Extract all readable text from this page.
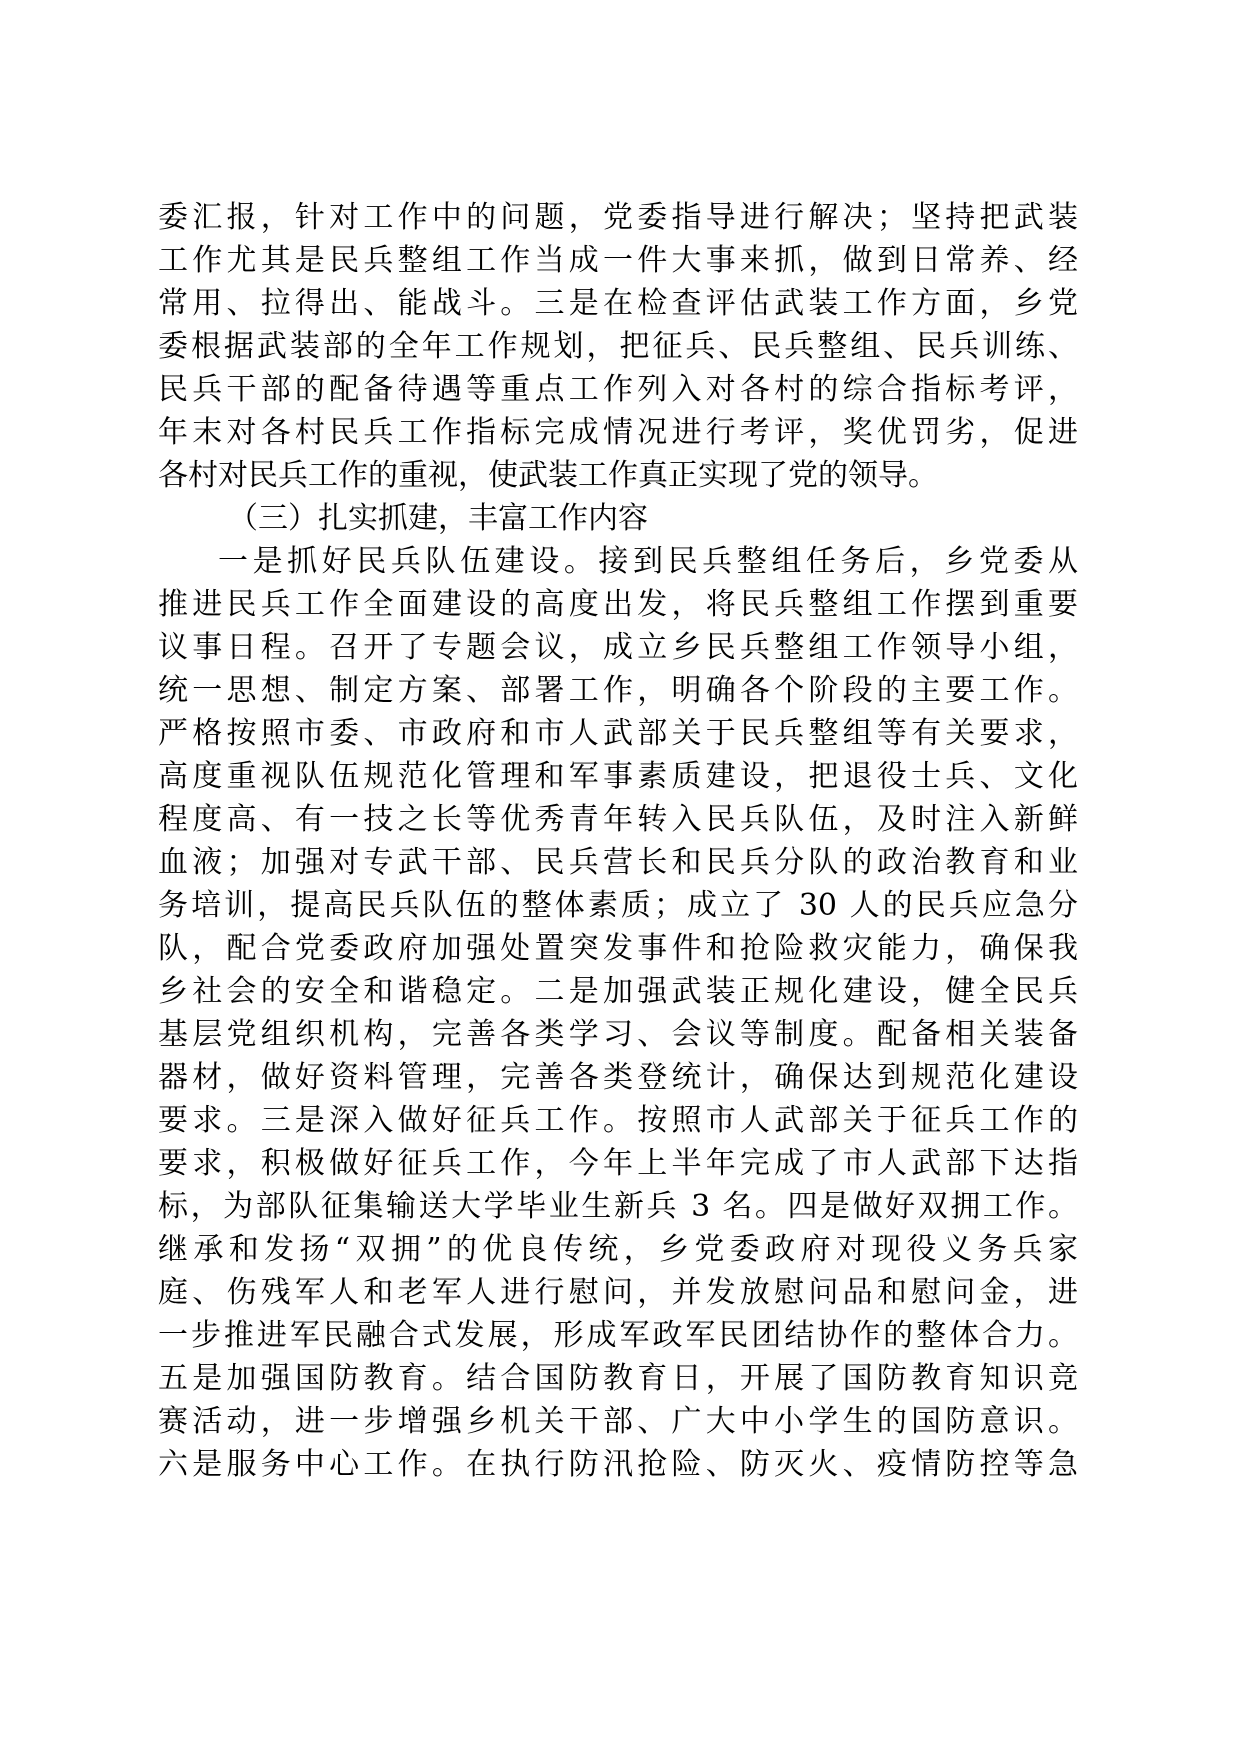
委汇报，针对工作中的问题，党委指导进行解决；坚持把武装
工作尤其是民兵整组工作当成一件大事来抓，做到日常养、经
常用、拉得出、能战斗。三是在检查评估武装工作方面，乡党
委根据武装部的全年工作规划，把征兵、民兵整组、民兵训练、
民兵干部的配备待遇等重点工作列入对各村的综合指标考评，
年末对各村民兵工作指标完成情况进行考评，奖优罚劣，促进
各村对民兵工作的重视，使武装工作真正实现了党的领导。
（三）扎实抓建，丰富工作内容
一是抓好民兵队伍建设。接到民兵整组任务后，乡党委从
推进民兵工作全面建设的高度出发，将民兵整组工作摆到重要
议事日程。召开了专题会议，成立乡民兵整组工作领导小组，
统一思想、制定方案、部署工作，明确各个阶段的主要工作。
严格按照市委、市政府和市人武部关于民兵整组等有关要求，
高度重视队伍规范化管理和军事素质建设，把退役士兵、文化
程度高、有一技之长等优秀青年转入民兵队伍，及时注入新鲜
血液；加强对专武干部、民兵营长和民兵分队的政治教育和业
务培训，提高民兵队伍的整体素质；成立了 30 人的民兵应急分
队，配合党委政府加强处置突发事件和抢险救灾能力，确保我
乡社会的安全和谐稳定。二是加强武装正规化建设，健全民兵
基层党组织机构，完善各类学习、会议等制度。配备相关装备
器材，做好资料管理，完善各类登统计，确保达到规范化建设
要求。三是深入做好征兵工作。按照市人武部关于征兵工作的
要求，积极做好征兵工作，今年上半年完成了市人武部下达指
标，为部队征集输送大学毕业生新兵 3 名。四是做好双拥工作。
继承和发扬“双拥”的优良传统，乡党委政府对现役义务兵家
庭、伤残军人和老军人进行慰问，并发放慰问品和慰问金，进
一步推进军民融合式发展，形成军政军民团结协作的整体合力。
五是加强国防教育。结合国防教育日，开展了国防教育知识竞
赛活动，进一步增强乡机关干部、广大中小学生的国防意识。
六是服务中心工作。在执行防汛抢险、防灭火、疫情防控等急
